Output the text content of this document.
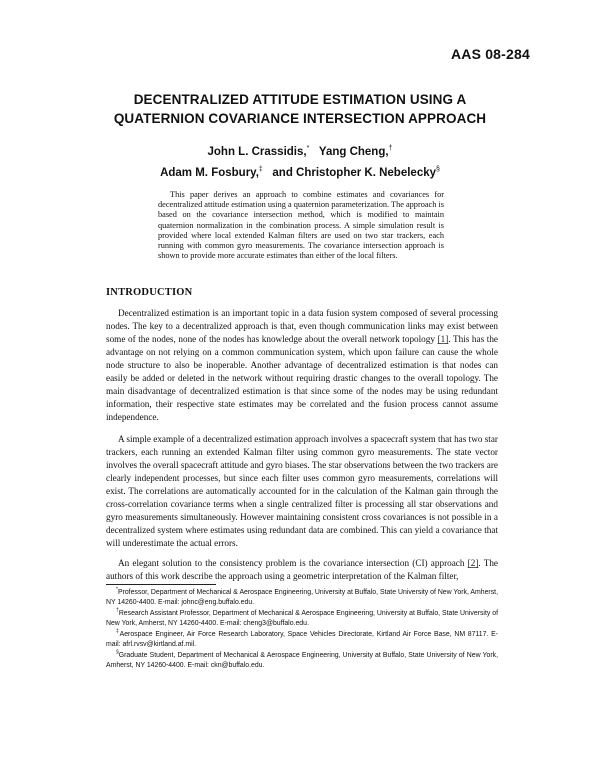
AAS 08-284
DECENTRALIZED ATTITUDE ESTIMATION USING A
QUATERNION COVARIANCE INTERSECTION APPROACH
John L. Crassidis,* Yang Cheng,†
Adam M. Fosbury,‡ and Christopher K. Nebelecky§
This paper derives an approach to combine estimates and covariances for decentralized attitude estimation using a quaternion parameterization. The approach is based on the covariance intersection method, which is modified to maintain quaternion normalization in the combination process. A simple simulation result is provided where local extended Kalman filters are used on two star trackers, each running with common gyro measurements. The covariance intersection approach is shown to provide more accurate estimates than either of the local filters.
INTRODUCTION

Decentralized estimation is an important topic in a data fusion system composed of several processing nodes. The key to a decentralized approach is that, even though communication links may exist between some of the nodes, none of the nodes has knowledge about the overall network topology [1]. This has the advantage on not relying on a common communication system, which upon failure can cause the whole node structure to also be inoperable. Another advantage of decentralized estimation is that nodes can easily be added or deleted in the network without requiring drastic changes to the overall topology. The main disadvantage of decentralized estimation is that since some of the nodes may be using redundant information, their respective state estimates may be correlated and the fusion process cannot assume independence.

A simple example of a decentralized estimation approach involves a spacecraft system that has two star trackers, each running an extended Kalman filter using common gyro measurements. The state vector involves the overall spacecraft attitude and gyro biases. The star observations between the two trackers are clearly independent processes, but since each filter uses common gyro measurements, correlations will exist. The correlations are automatically accounted for in the calculation of the Kalman gain through the cross-correlation covariance terms when a single centralized filter is processing all star observations and gyro measurements simultaneously. However maintaining consistent cross covariances is not possible in a decentralized system where estimates using redundant data are combined. This can yield a covariance that will underestimate the actual errors.

An elegant solution to the consistency problem is the covariance intersection (CI) approach [2]. The authors of this work describe the approach using a geometric interpretation of the Kalman filter,

*Professor, Department of Mechanical & Aerospace Engineering, University at Buffalo, State University of New York, Amherst, NY 14260-4400. E-mail: johnc@eng.buffalo.edu.

†Research Assistant Professor, Department of Mechanical & Aerospace Engineering, University at Buffalo, State University of New York, Amherst, NY 14260-4400. E-mail: cheng3@buffalo.edu.

‡Aerospace Engineer, Air Force Research Laboratory, Space Vehicles Directorate, Kirtland Air Force Base, NM 87117. E-mail: afrl.rvsv@kirtland.af.mil.

§Graduate Student, Department of Mechanical & Aerospace Engineering, University at Buffalo, State University of New York, Amherst, NY 14260-4400. E-mail: ckn@buffalo.edu.
